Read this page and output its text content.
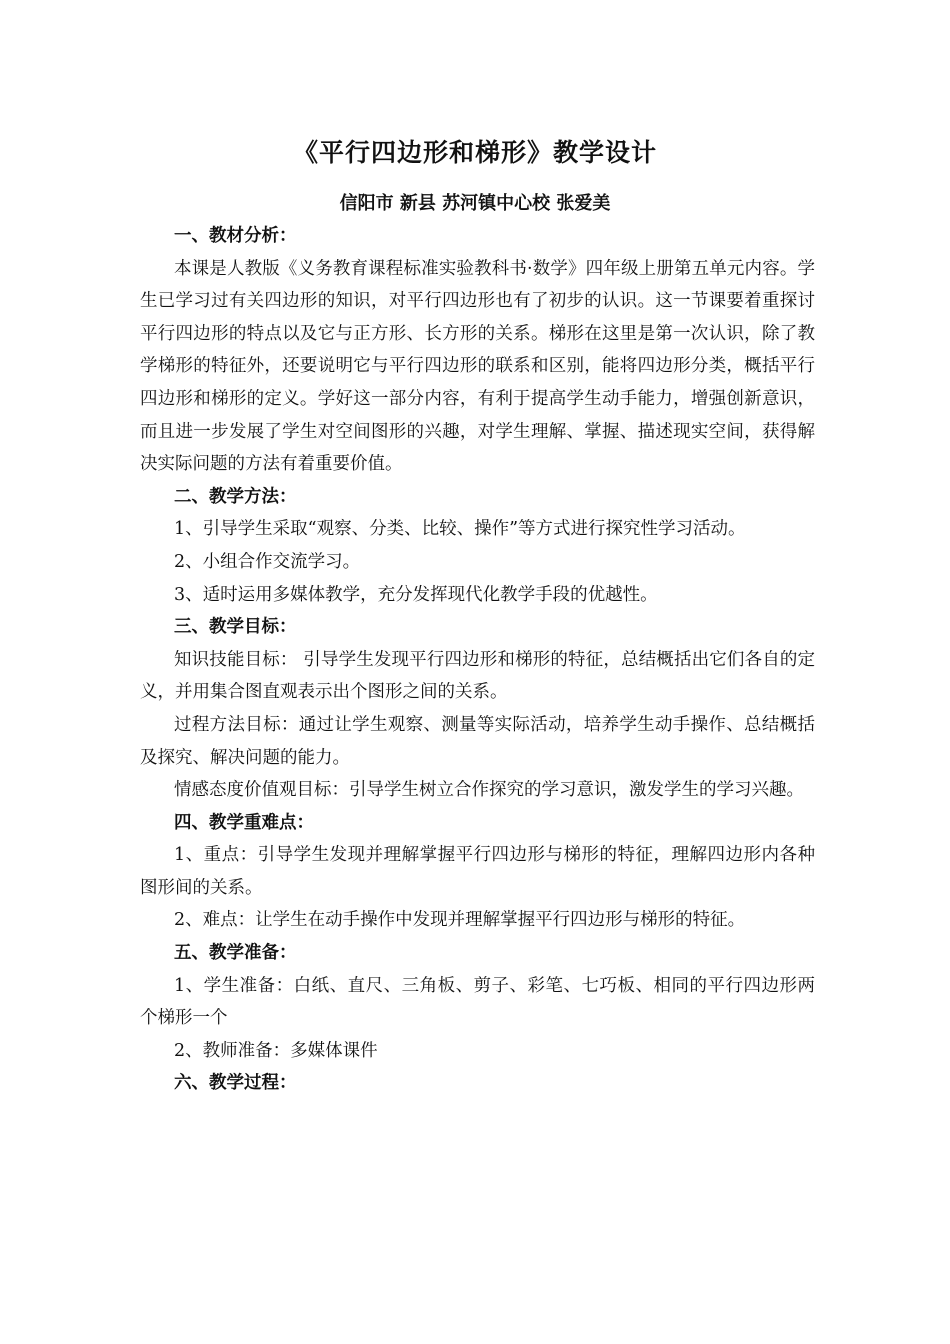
《平行四边形和梯形》教学设计
信阳市 新县 苏河镇中心校 张爱美
一、教材分析：
本课是人教版《义务教育课程标准实验教科书·数学》四年级上册第五单元内容。学生已学习过有关四边形的知识，对平行四边形也有了初步的认识。这一节课要着重探讨平行四边形的特点以及它与正方形、长方形的关系。梯形在这里是第一次认识，除了教学梯形的特征外，还要说明它与平行四边形的联系和区别，能将四边形分类，概括平行四边形和梯形的定义。学好这一部分内容，有利于提高学生动手能力，增强创新意识，而且进一步发展了学生对空间图形的兴趣，对学生理解、掌握、描述现实空间，获得解决实际问题的方法有着重要价值。
二、教学方法：
1、引导学生采取“观察、分类、比较、操作”等方式进行探究性学习活动。
2、小组合作交流学习。
3、适时运用多媒体教学，充分发挥现代化教学手段的优越性。
三、教学目标：
知识技能目标： 引导学生发现平行四边形和梯形的特征，总结概括出它们各自的定义，并用集合图直观表示出个图形之间的关系。
过程方法目标：通过让学生观察、测量等实际活动，培养学生动手操作、总结概括及探究、解决问题的能力。
情感态度价值观目标：引导学生树立合作探究的学习意识，激发学生的学习兴趣。
四、教学重难点：
1、重点：引导学生发现并理解掌握平行四边形与梯形的特征，理解四边形内各种图形间的关系。
2、难点：让学生在动手操作中发现并理解掌握平行四边形与梯形的特征。
五、教学准备：
1、学生准备：白纸、直尺、三角板、剪子、彩笔、七巧板、相同的平行四边形两个梯形一个
2、教师准备：多媒体课件
六、教学过程：
